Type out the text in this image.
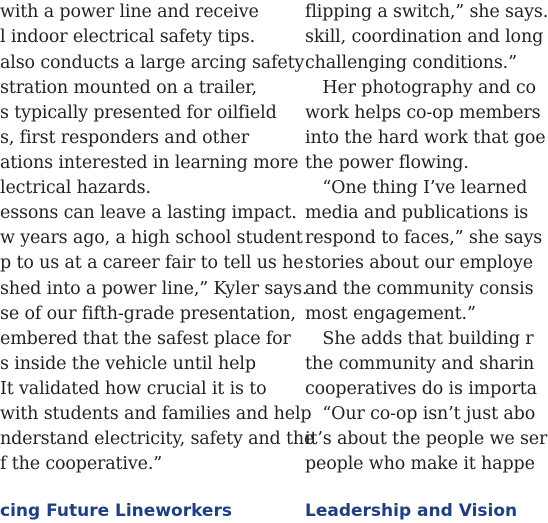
with a power line and receive
l indoor electrical safety tips.
also conducts a large arcing safety
stration mounted on a trailer,
s typically presented for oilfield
s, first responders and other
ations interested in learning more
lectrical hazards.
essons can leave a lasting impact.
w years ago, a high school student
p to us at a career fair to tell us he
shed into a power line,” Kyler says.
se of our fifth-grade presentation,
embered that the safest place for
s inside the vehicle until help
It validated how crucial it is to
with students and families and help
nderstand electricity, safety and the
f the cooperative.”
cing Future Lineworkers
flipping a switch,” she says.
skill, coordination and long
challenging conditions.”
 Her photography and co
work helps co-op members
into the hard work that goe
the power flowing.
 “One thing I’ve learned
media and publications is
respond to faces,” she says
stories about our employe
and the community consis
most engagement.”
 She adds that building r
the community and sharin
cooperatives do is importa
 “Our co-op isn’t just abo
it’s about the people we ser
people who make it happe
Leadership and Vision
